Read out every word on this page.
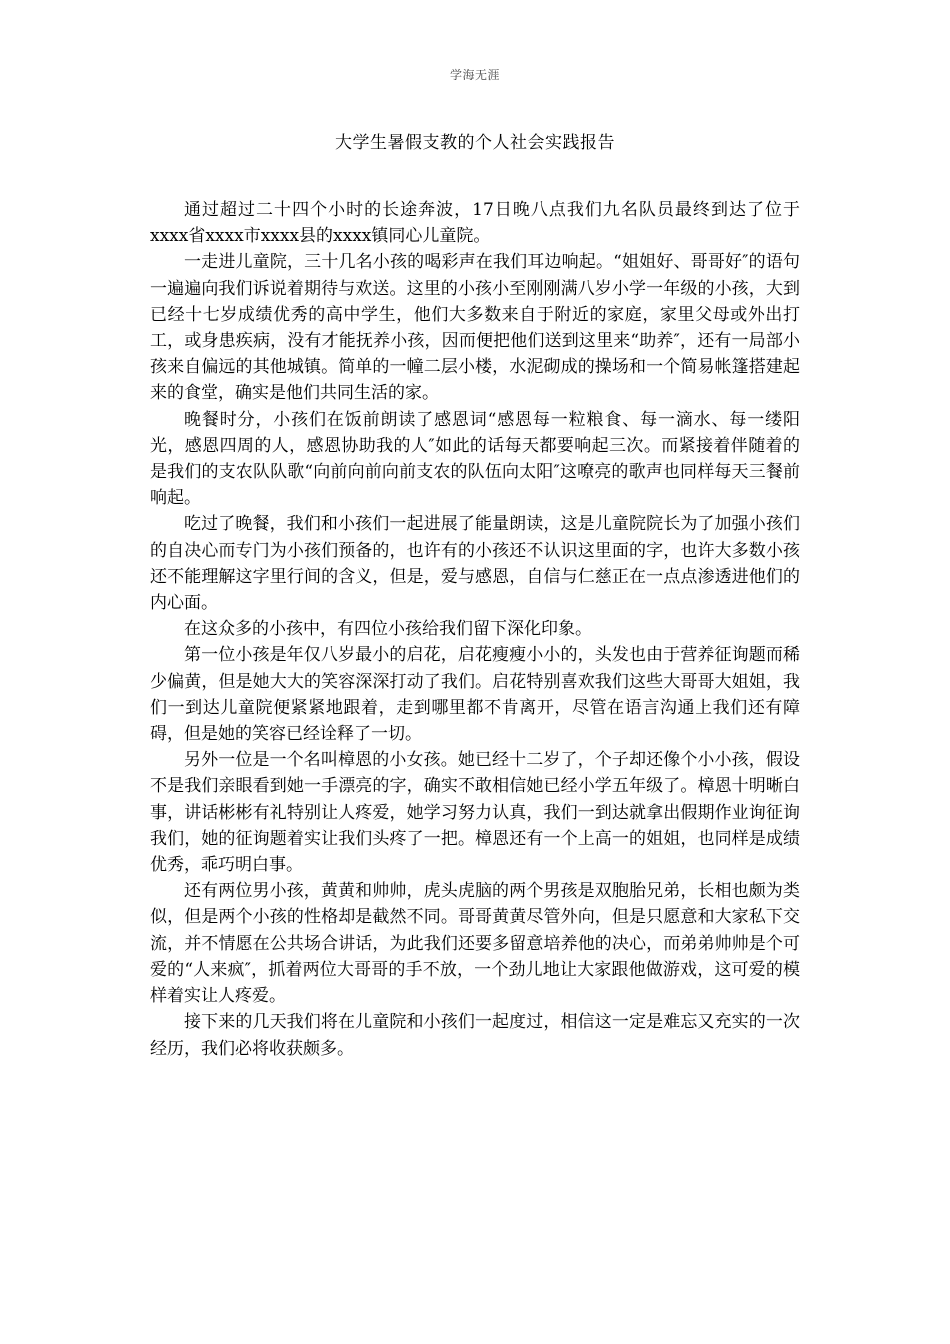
学海无涯
大学生暑假支教的个人社会实践报告

通过超过二十四个小时的长途奔波，17日晚八点我们九名队员最终到达了位于xxxx省xxxx市xxxx县的xxxx镇同心儿童院。

一走进儿童院，三十几名小孩的喝彩声在我们耳边响起。“姐姐好、哥哥好″的语句一遍遍向我们诉说着期待与欢送。这里的小孩小至刚刚满八岁小学一年级的小孩，大到已经十七岁成绩优秀的高中学生，他们大多数来自于附近的家庭，家里父母或外出打工，或身患疾病，没有才能抚养小孩，因而便把他们送到这里来“助养″，还有一局部小孩来自偏远的其他城镇。简单的一幢二层小楼，水泥砌成的操场和一个简易帐篷搭建起来的食堂，确实是他们共同生活的家。

晚餐时分，小孩们在饭前朗读了感恩词“感恩每一粒粮食、每一滴水、每一缕阳光，感恩四周的人，感恩协助我的人″如此的话每天都要响起三次。而紧接着伴随着的是我们的支农队队歌“向前向前向前支农的队伍向太阳″这嘹亮的歌声也同样每天三餐前响起。

吃过了晚餐，我们和小孩们一起进展了能量朗读，这是儿童院院长为了加强小孩们的自决心而专门为小孩们预备的，也许有的小孩还不认识这里面的字，也许大多数小孩还不能理解这字里行间的含义，但是，爱与感恩，自信与仁慈正在一点点渗透进他们的内心面。

在这众多的小孩中，有四位小孩给我们留下深化印象。

第一位小孩是年仅八岁最小的启花，启花瘦瘦小小的，头发也由于营养征询题而稀少偏黄，但是她大大的笑容深深打动了我们。启花特别喜欢我们这些大哥哥大姐姐，我们一到达儿童院便紧紧地跟着，走到哪里都不肯离开，尽管在语言沟通上我们还有障碍，但是她的笑容已经诠释了一切。

另外一位是一个名叫樟恩的小女孩。她已经十二岁了，个子却还像个小小孩，假设不是我们亲眼看到她一手漂亮的字，确实不敢相信她已经小学五年级了。樟恩十明晰白事，讲话彬彬有礼特别让人疼爱，她学习努力认真，我们一到达就拿出假期作业询征询我们，她的征询题着实让我们头疼了一把。樟恩还有一个上高一的姐姐，也同样是成绩优秀，乖巧明白事。

还有两位男小孩，黄黄和帅帅，虎头虎脑的两个男孩是双胞胎兄弟，长相也颇为类似，但是两个小孩的性格却是截然不同。哥哥黄黄尽管外向，但是只愿意和大家私下交流，并不情愿在公共场合讲话，为此我们还要多留意培养他的决心，而弟弟帅帅是个可爱的“人来疯″，抓着两位大哥哥的手不放，一个劲儿地让大家跟他做游戏，这可爱的模样着实让人疼爱。

接下来的几天我们将在儿童院和小孩们一起度过，相信这一定是难忘又充实的一次经历，我们必将收获颇多。
